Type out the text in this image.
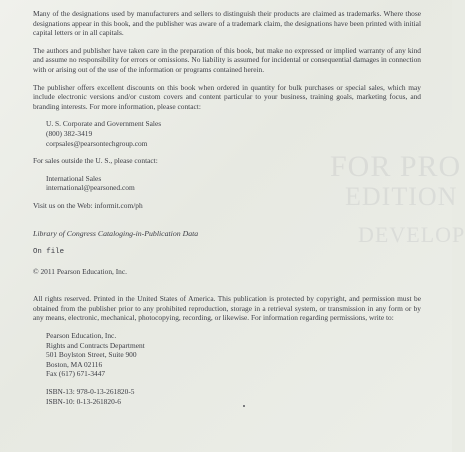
FOR PRO
EDITION
DEVELOP

Many of the designations used by manufacturers and sellers to distinguish their products are claimed as trademarks. Where those designations appear in this book, and the publisher was aware of a trademark claim, the designations have been printed with initial capital letters or in all capitals.

The authors and publisher have taken care in the preparation of this book, but make no expressed or implied warranty of any kind and assume no responsibility for errors or omissions. No liability is assumed for incidental or consequential damages in connection with or arising out of the use of the information or programs contained herein.

The publisher offers excellent discounts on this book when ordered in quantity for bulk purchases or special sales, which may include electronic versions and/or custom covers and content particular to your business, training goals, marketing focus, and branding interests. For more information, please contact:

U. S. Corporate and Government Sales
(800) 382-3419
corpsales@pearsontechgroup.com
For sales outside the U. S., please contact:
International Sales
international@pearsoned.com
Visit us on the Web: informit.com/ph
Library of Congress Cataloging-in-Publication Data
On file
© 2011 Pearson Education, Inc.

All rights reserved. Printed in the United States of America. This publication is protected by copyright, and permission must be obtained from the publisher prior to any prohibited reproduction, storage in a retrieval system, or transmission in any form or by any means, electronic, mechanical, photocopying, recording, or likewise. For information regarding permissions, write to:

Pearson Education, Inc.
Rights and Contracts Department
501 Boylston Street, Suite 900
Boston, MA 02116
Fax (617) 671-3447
ISBN-13: 978-0-13-261820-5
ISBN-10: 0-13-261820-6
